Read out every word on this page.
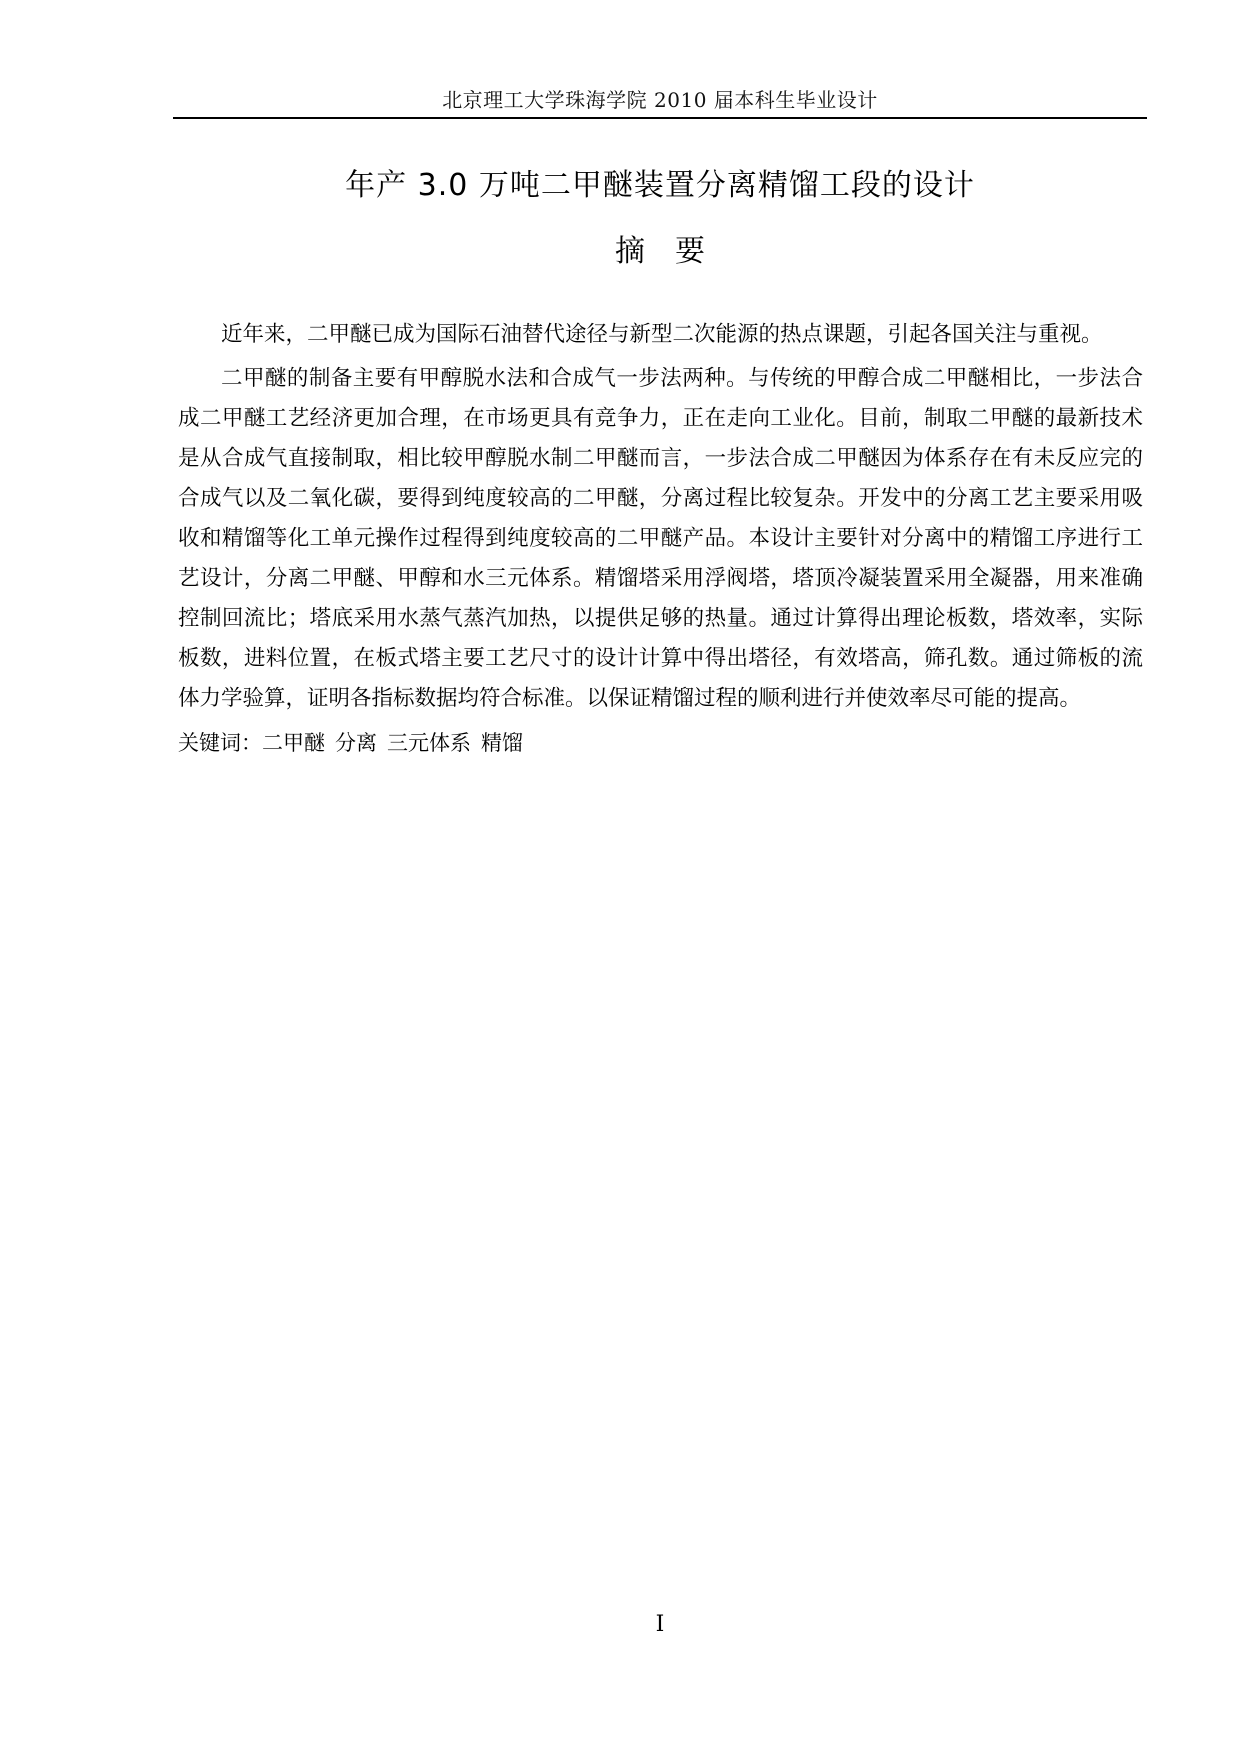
北京理工大学珠海学院 2010 届本科生毕业设计
年产 3.0 万吨二甲醚装置分离精馏工段的设计
摘要

近年来，二甲醚已成为国际石油替代途径与新型二次能源的热点课题，引起各国关注与重视。

二甲醚的制备主要有甲醇脱水法和合成气一步法两种。与传统的甲醇合成二甲醚相比，一步法合成二甲醚工艺经济更加合理，在市场更具有竞争力，正在走向工业化。目前，制取二甲醚的最新技术是从合成气直接制取，相比较甲醇脱水制二甲醚而言，一步法合成二甲醚因为体系存在有未反应完的合成气以及二氧化碳，要得到纯度较高的二甲醚，分离过程比较复杂。开发中的分离工艺主要采用吸收和精馏等化工单元操作过程得到纯度较高的二甲醚产品。本设计主要针对分离中的精馏工序进行工艺设计，分离二甲醚、甲醇和水三元体系。精馏塔采用浮阀塔，塔顶冷凝装置采用全凝器，用来准确控制回流比；塔底采用水蒸气蒸汽加热，以提供足够的热量。通过计算得出理论板数，塔效率，实际板数，进料位置，在板式塔主要工艺尺寸的设计计算中得出塔径，有效塔高，筛孔数。通过筛板的流体力学验算，证明各指标数据均符合标准。以保证精馏过程的顺利进行并使效率尽可能的提高。

关键词：二甲醚 分离 三元体系 精馏
I
